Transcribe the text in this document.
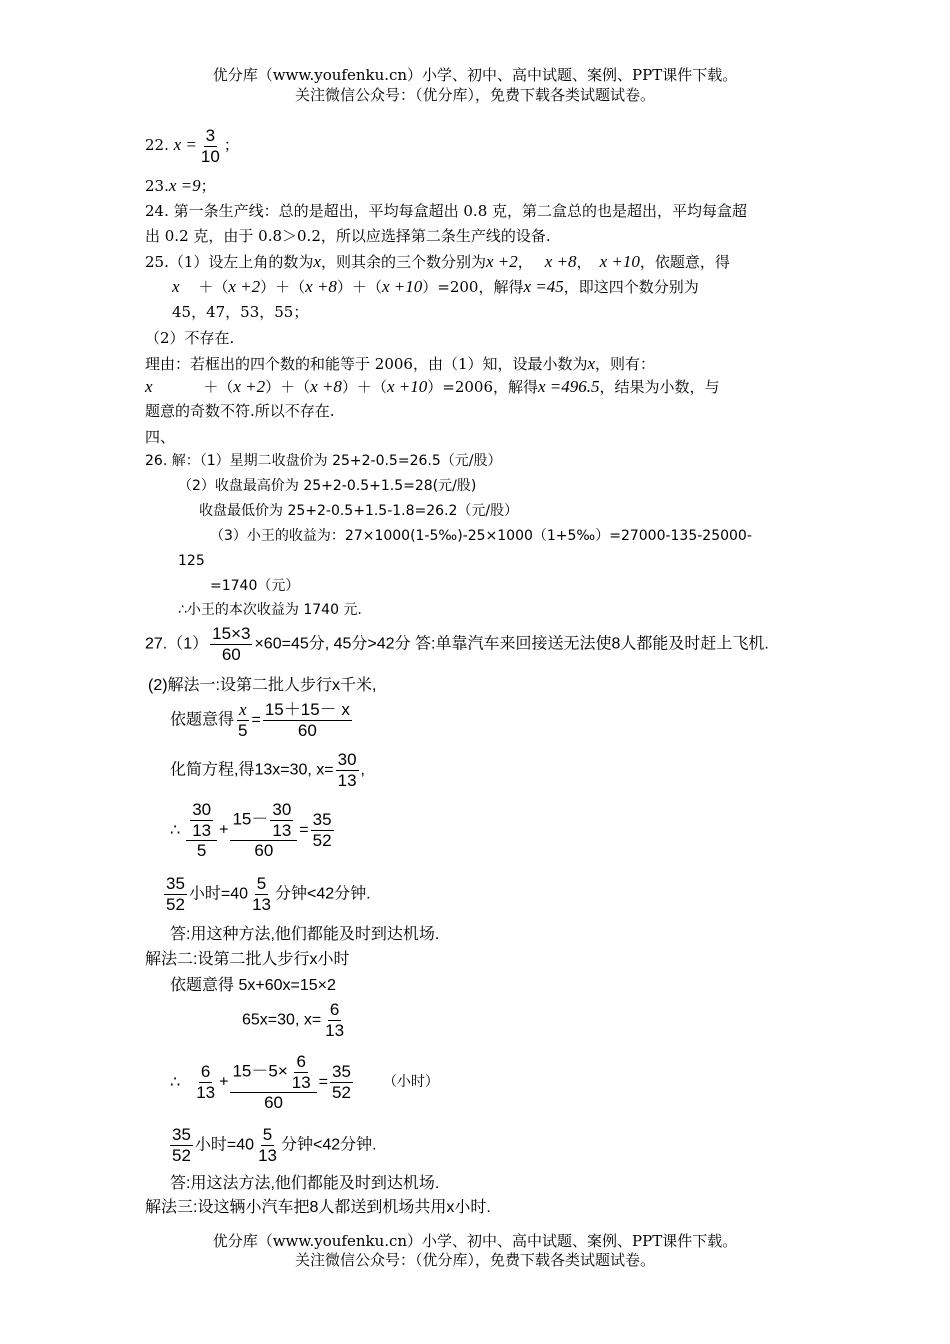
优分库（www.youfenku.cn）小学、初中、高中试题、案例、PPT课件下载。
关注微信公众号：（优分库），免费下载各类试题试卷。
22. $x = \frac{3}{10}$ ；
23.x =9；
24. 第一条生产线：总的是超出，平均每盒超出 0.8 克，第二盒总的也是超出，平均每盒超
出 0.2 克，由于 0.8＞0.2，所以应选择第二条生产线的设备.
25.（1）设左上角的数为x，则其余的三个数分别为x +2， x +8， x +10，依题意，得
x ＋（x +2）＋（x +8）＋（x +10）=200，解得x =45，即这四个数分别为
45，47，53，55；
（2）不存在.
理由：若框出的四个数的和能等于 2006，由（1）知，设最小数为x，则有：
x	＋（x +2）＋（x +8）＋（x +10）=2006，解得x =496.5，结果为小数，与
题意的奇数不符.所以不存在.
四、
26. 解：（1）星期二收盘价为 25+2-0.5=26.5（元/股）
（2）收盘最高价为 25+2-0.5+1.5=28(元/股)
收盘最低价为 25+2-0.5+1.5-1.8=26.2（元/股）
（3）小王的收益为：27×1000(1-5‰)-25×1000（1+5‰）=27000-135-25000-
125
=1740（元）
∴小王的本次收益为 1740 元.
$27.(1) \frac{15\times 3}{60} \times 60=45$分, 45分>42分 答:单靠汽车来回接送无法使8人都能及时赶上飞机.
(2)解法一:设第二批人步行x千米,
依题意得 $\frac{x}{5} = \frac{15+15- x}{60}$
化简方程,得13x=30, $x= \frac{30}{13}$ ,
∴ $\frac{\frac{30}{13}}{5} + \frac{15- \frac{30}{13}}{60} = \frac{35}{52}$
$\frac{35}{52}$ 小时$=40 \frac{5}{13}$ 分钟<42分钟.
答:用这种方法,他们都能及时到达机场.
解法二:设第二批人步行x小时
依题意得 5x+60x=15×2
65x=30, $x= \frac{6}{13}$
∴ $\frac{6}{13} + \frac{15-5\times \frac{6}{13}}{60} = \frac{35}{52}$ （小时）
$\frac{35}{52}$ 小时$=40 \frac{5}{13}$ 分钟<42分钟.
答:用这法方法,他们都能及时到达机场.
解法三:设这辆小汽车把8人都送到机场共用x小时.
优分库（www.youfenku.cn）小学、初中、高中试题、案例、PPT课件下载。
关注微信公众号：（优分库），免费下载各类试题试卷。
